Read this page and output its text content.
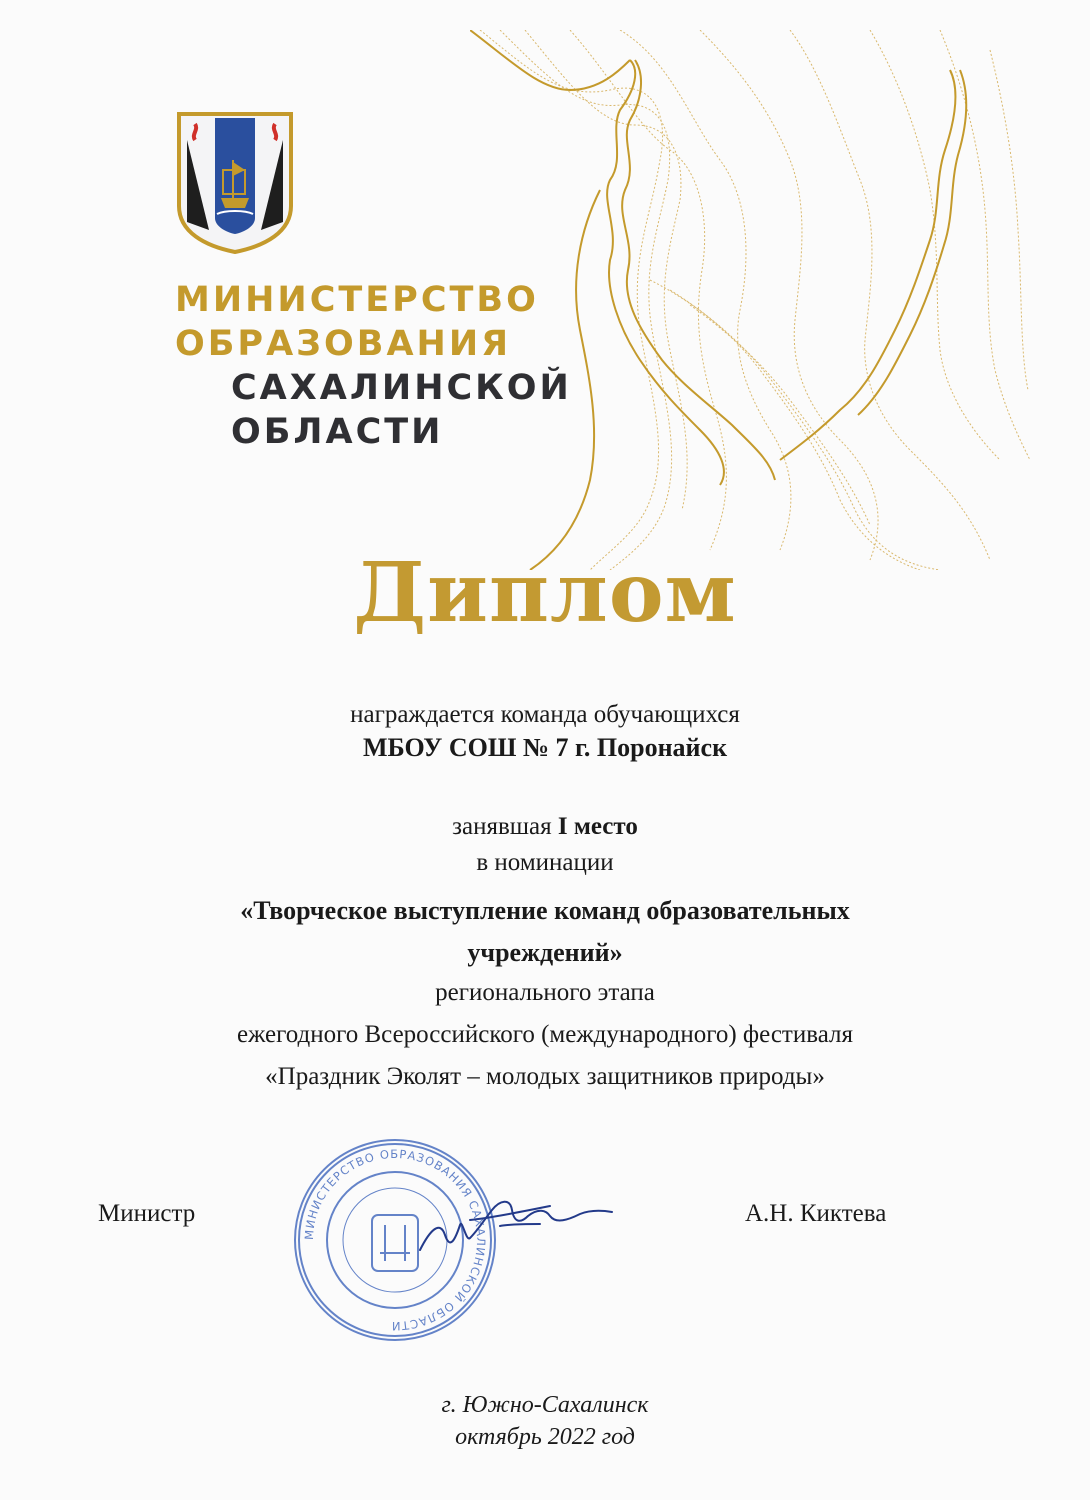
МИНИСТЕРСТВО
ОБРАЗОВАНИЯ
САХАЛИНСКОЙ
ОБЛАСТИ
Диплом
награждается команда обучающихся
МБОУ СОШ № 7 г. Поронайск
занявшая I место
в номинации
«Творческое выступление команд образовательных
учреждений»
регионального этапа
ежегодного Всероссийского (международного) фестиваля
«Праздник Эколят – молодых защитников природы»
Министр	А.Н. Киктева
МИНИСТЕРСТВО ОБРАЗОВАНИЯ САХАЛИНСКОЙ ОБЛАСТИ
г. Южно-Сахалинск
октябрь 2022 год
